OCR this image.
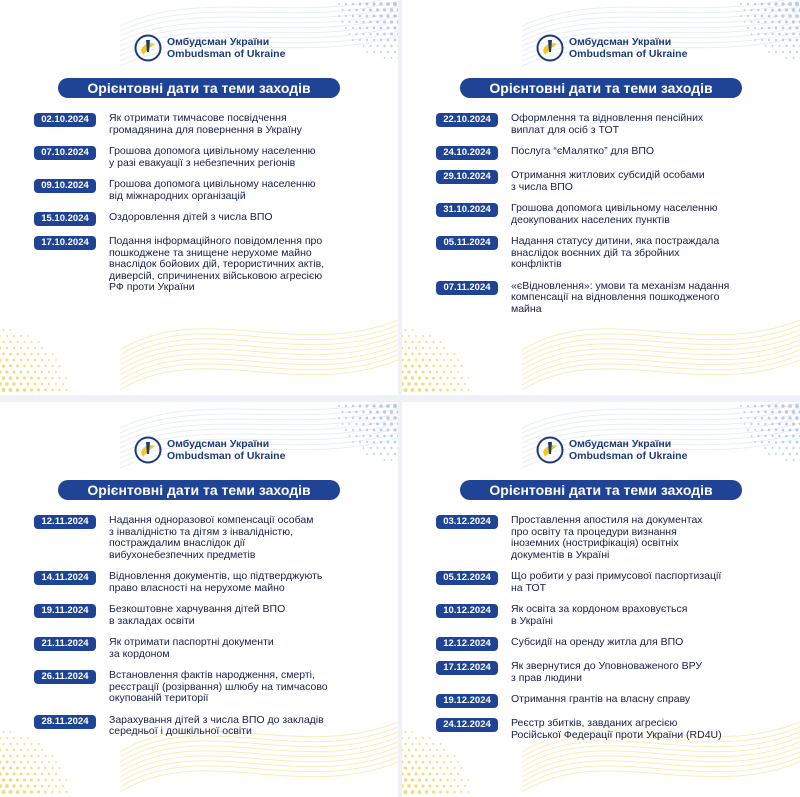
Омбудсман України
Ombudsman of Ukraine
Орієнтовні дати та теми заходів
02.10.2024	Як отримати тимчасове посвідчення
громадянина для повернення в Україну
07.10.2024	Грошова допомога цивільному населенню
у разі евакуації з небезпечних регіонів
09.10.2024	Грошова допомога цивільному населенню
від міжнародних організацій
15.10.2024	Оздоровлення дітей з числа ВПО
17.10.2024	Подання інформаційного повідомлення про
пошкоджене та знищене нерухоме майно
внаслідок бойових дій, терористичних актів,
диверсій, спричинених військовою агресією
РФ проти України
Омбудсман України
Ombudsman of Ukraine
Орієнтовні дати та теми заходів
22.10.2024	Оформлення та відновлення пенсійних
виплат для осіб з ТОТ
24.10.2024	Послуга “єМалятко” для ВПО
29.10.2024	Отримання житлових субсидій особами
з числа ВПО
31.10.2024	Грошова допомога цивільному населенню
деокупованих населених пунктів
05.11.2024	Надання статусу дитини, яка постраждала
внаслідок воєнних дій та збройних
конфліктів
07.11.2024	«єВідновлення»: умови та механізм надання
компенсації на відновлення пошкодженого
майна
Омбудсман України
Ombudsman of Ukraine
Орієнтовні дати та теми заходів
12.11.2024	Надання одноразової компенсації особам
з інвалідністю та дітям з інвалідністю,
постраждалим внаслідок дії
вибухонебезпечних предметів
14.11.2024	Відновлення документів, що підтверджують
право власності на нерухоме майно
19.11.2024	Безкоштовне харчування дітей ВПО
в закладах освіти
21.11.2024	Як отримати паспортні документи
за кордоном
26.11.2024	Встановлення фактів народження, смерті,
реєстрації (розірвання) шлюбу на тимчасово
окупованій території
28.11.2024	Зарахування дітей з числа ВПО до закладів
середньої і дошкільної освіти
Омбудсман України
Ombudsman of Ukraine
Орієнтовні дати та теми заходів
03.12.2024	Проставлення апостиля на документах
про освіту та процедури визнання
іноземних (нострифікація) освітніх
документів в Україні
05.12.2024	Що робити у разі примусової паспортизації
на ТОТ
10.12.2024	Як освіта за кордоном враховується
в Україні
12.12.2024	Субсидії на оренду житла для ВПО
17.12.2024	Як звернутися до Уповноваженого ВРУ
з прав людини
19.12.2024	Отримання грантів на власну справу
24.12.2024	Реєстр збитків, завданих агресією
Російської Федерації проти України (RD4U)
